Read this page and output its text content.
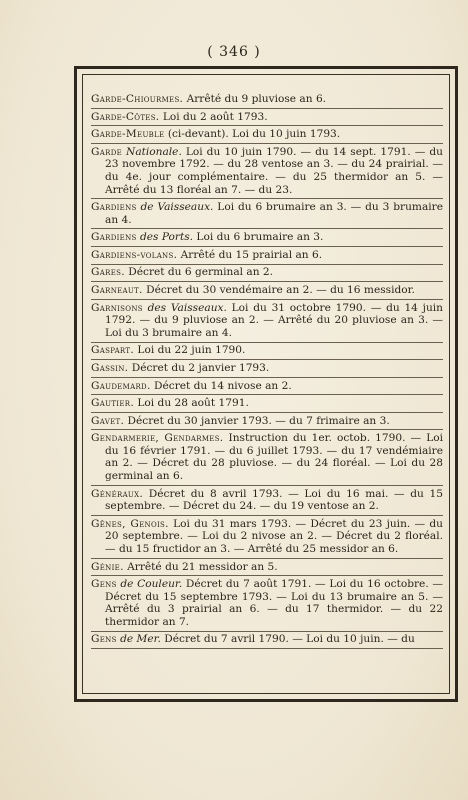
( 346 )
Garde-Chiourmes. Arrêté du 9 pluviose an 6.
Garde-Côtes. Loi du 2 août 1793.
Garde-Meuble (ci-devant). Loi du 10 juin 1793.
Garde Nationale. Loi du 10 juin 1790. — du 14 sept. 1791. — du 23 novembre 1792. — du 28 ventose an 3. — du 24 prairial. — du 4e. jour complémentaire. — du 25 thermidor an 5. — Arrêté du 13 floréal an 7. — du 23.
Gardiens de Vaisseaux. Loi du 6 brumaire an 3. — du 3 brumaire an 4.
Gardiens des Ports. Loi du 6 brumaire an 3.
Gardiens-volans. Arrêté du 15 prairial an 6.
Gares. Décret du 6 germinal an 2.
Garneaut. Décret du 30 vendémaire an 2. — du 16 messidor.
Garnisons des Vaisseaux. Loi du 31 octobre 1790. — du 14 juin 1792. — du 9 pluviose an 2. — Arrêté du 20 pluviose an 3. — Loi du 3 brumaire an 4.
Gaspart. Loi du 22 juin 1790.
Gassin. Décret du 2 janvier 1793.
Gaudemard. Décret du 14 nivose an 2.
Gautier. Loi du 28 août 1791.
Gavet. Décret du 30 janvier 1793. — du 7 frimaire an 3.
Gendarmerie, Gendarmes. Instruction du 1er. octob. 1790. — Loi du 16 février 1791. — du 6 juillet 1793. — du 17 vendémiaire an 2. — Décret du 28 pluviose. — du 24 floréal. — Loi du 28 germinal an 6.
Généraux. Décret du 8 avril 1793. — Loi du 16 mai. — du 15 septembre. — Décret du 24. — du 19 ventose an 2.
Gênes, Genois. Loi du 31 mars 1793. — Décret du 23 juin. — du 20 septembre. — Loi du 2 nivose an 2. — Décret du 2 floréal. — du 15 fructidor an 3. — Arrêté du 25 messidor an 6.
Génie. Arrêté du 21 messidor an 5.
Gens de Couleur. Décret du 7 août 1791. — Loi du 16 octobre. — Décret du 15 septembre 1793. — Loi du 13 brumaire an 5. — Arrêté du 3 prairial an 6. — du 17 thermidor. — du 22 thermidor an 7.
Gens de Mer. Décret du 7 avril 1790. — Loi du 10 juin. — du
